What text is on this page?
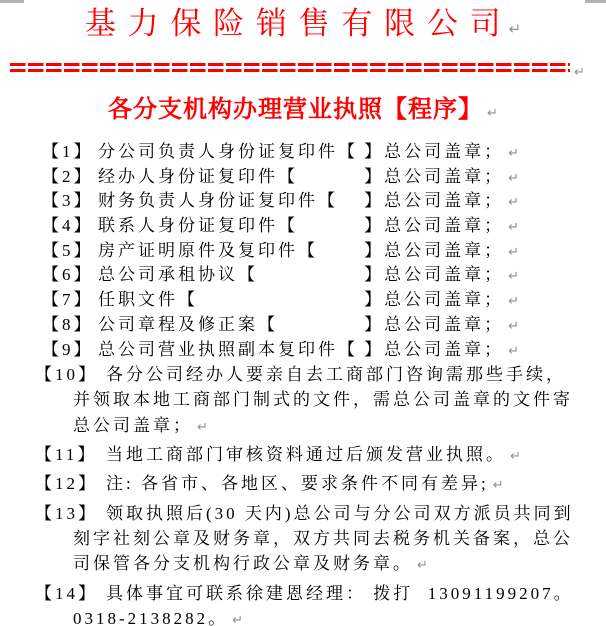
基 力 保 险 销 售 有 限 公 司 ↵
↵
各分支机构办理营业执照【程序】 ↵
【1】 分公司负责人身份证复印件【 】总公司盖章； ↵
【2】 经办人身份证复印件【	】总公司盖章； ↵
【3】 财务负责人身份证复印件【 】总公司盖章； ↵
【4】 联系人身份证复印件【	】总公司盖章； ↵
【5】 房产证明原件及复印件【	】总公司盖章； ↵
【6】 总公司承租协议【	】总公司盖章； ↵
【7】 任职文件【	】总公司盖章； ↵
【8】 公司章程及修正案【	】总公司盖章； ↵
【9】 总公司营业执照副本复印件【 】总公司盖章； ↵
【10】 各分公司经办人要亲自去工商部门咨询需那些手续，
并领取本地工商部门制式的文件，需总公司盖章的文件寄
总公司盖章； ↵
【11】 当地工商部门审核资料通过后颁发营业执照。 ↵
【12】 注: 各省市、各地区、要求条件不同有差异; ↵
【13】 领取执照后(30 天内)总公司与分公司双方派员共同到
刻字社刻公章及财务章，双方共同去税务机关备案，总公
司保管各分支机构行政公章及财务章。 ↵
【14】 具体事宜可联系徐建恩经理： 拨打  13091199207。
0318-2138282。 ↵
